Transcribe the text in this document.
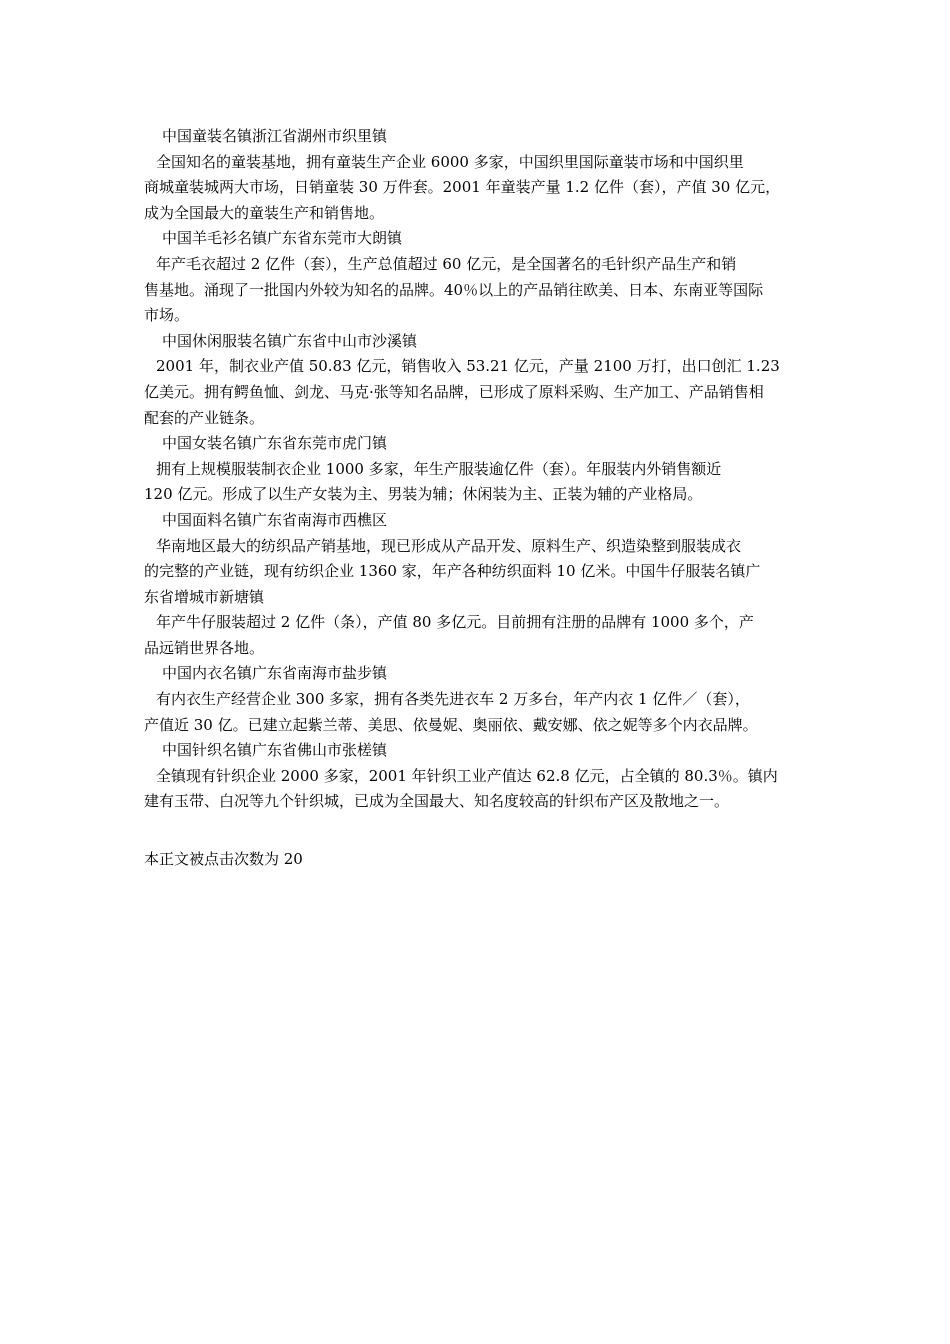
中国童装名镇浙江省湖州市织里镇
全国知名的童装基地，拥有童装生产企业 6000 多家，中国织里国际童装市场和中国织里
商城童装城两大市场，日销童装 30 万件套。2001 年童装产量 1.2 亿件（套），产值 30 亿元，
成为全国最大的童装生产和销售地。
中国羊毛衫名镇广东省东莞市大朗镇
年产毛衣超过 2 亿件（套），生产总值超过 60 亿元，是全国著名的毛针织产品生产和销
售基地。涌现了一批国内外较为知名的品牌。40％以上的产品销往欧美、日本、东南亚等国际
市场。
中国休闲服装名镇广东省中山市沙溪镇
2001 年，制衣业产值 50.83 亿元，销售收入 53.21 亿元，产量 2100 万打，出口创汇 1.23
亿美元。拥有鳄鱼恤、剑龙、马克·张等知名品牌，已形成了原料采购、生产加工、产品销售相
配套的产业链条。
中国女装名镇广东省东莞市虎门镇
拥有上规模服装制衣企业 1000 多家，年生产服装逾亿件（套）。年服装内外销售额近
120 亿元。形成了以生产女装为主、男装为辅；休闲装为主、正装为辅的产业格局。
中国面料名镇广东省南海市西樵区
华南地区最大的纺织品产销基地，现已形成从产品开发、原料生产、织造染整到服装成衣
的完整的产业链，现有纺织企业 1360 家，年产各种纺织面料 10 亿米。中国牛仔服装名镇广
东省增城市新塘镇
年产牛仔服装超过 2 亿件（条），产值 80 多亿元。目前拥有注册的品牌有 1000 多个，产
品远销世界各地。
中国内衣名镇广东省南海市盐步镇
有内衣生产经营企业 300 多家，拥有各类先进衣车 2 万多台，年产内衣 1 亿件／（套），
产值近 30 亿。已建立起紫兰蒂、美思、依曼妮、奥丽依、戴安娜、依之妮等多个内衣品牌。
中国针织名镇广东省佛山市张槎镇
全镇现有针织企业 2000 多家，2001 年针织工业产值达 62.8 亿元，占全镇的 80.3％。镇内
建有玉带、白况等九个针织城，已成为全国最大、知名度较高的针织布产区及散地之一。
本正文被点击次数为 20
